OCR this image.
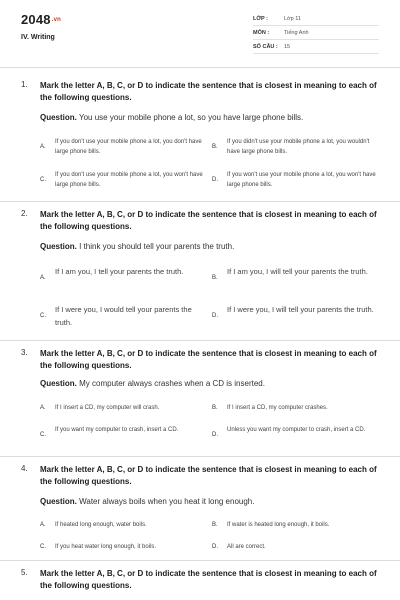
$2048^{.vn}$
IV. Writing
LỚP :	Lớp 11
MÔN :	Tiếng Anh
SỐ CÂU : 15
1. Mark the letter A, B, C, or D to indicate the sentence that is closest in meaning to each of the following questions.
Question. You use your mobile phone a lot, so you have large phone bills.
A.
If you don't use your mobile phone a lot, you don't have large phone bills.
B.
If you didn't use your mobile phone a lot, you wouldn't have large phone bills.
C.
If you don't use your mobile phone a lot, you won't have large phone bills.
D.
If you won't use your mobile phone a lot, you won't have large phone bills.
2. Mark the letter A, B, C, or D to indicate the sentence that is closest in meaning to each of the following questions.
Question. I think you should tell your parents the truth.
A.
If I am you, I tell your parents the truth.
B.
If I am you, I will tell your parents the truth.
C.
If I were you, I would tell your parents the truth.
D.
If I were you, I will tell your parents the truth.
3. Mark the letter A, B, C, or D to indicate the sentence that is closest in meaning to each of the following questions.
Question. My computer always crashes when a CD is inserted.
A. If I insert a CD, my computer will crash.	B. If I insert a CD, my computer crashes.
C.
If you want my computer to crash, insert a CD.
D.
Unless you want my computer to crash, insert a CD.
4. Mark the letter A, B, C, or D to indicate the sentence that is closest in meaning to each of the following questions.
Question. Water always boils when you heat it long enough.
A. If heated long enough, water boils.	B. If water is heated long enough, it boils.
C. If you heat water long enough, it boils.	D. All are correct.
5. Mark the letter A, B, C, or D to indicate the sentence that is closest in meaning to each of the following questions.
